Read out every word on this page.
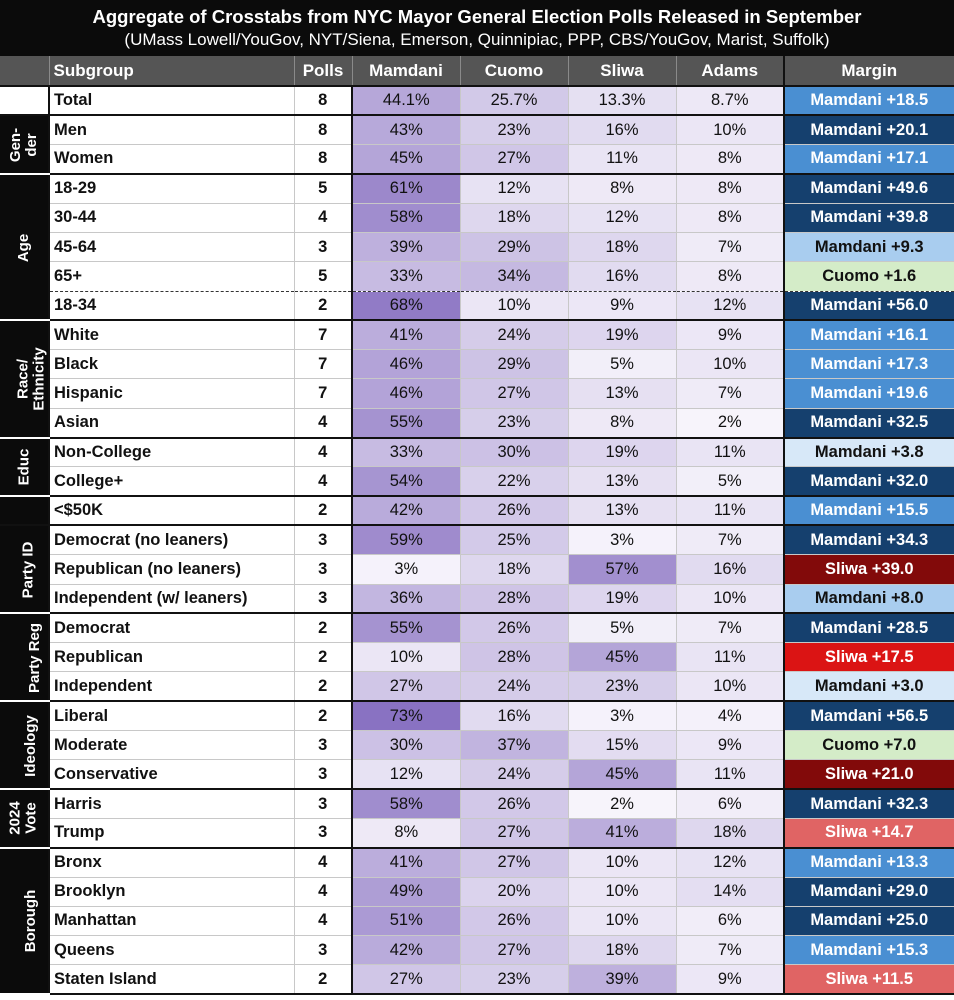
Aggregate of Crosstabs from NYC Mayor General Election Polls Released in September
(UMass Lowell/YouGov, NYT/Siena, Emerson, Quinnipiac, PPP, CBS/YouGov, Marist, Suffolk)
	Subgroup	Polls	Mamdani	Cuomo	Sliwa	Adams	Margin
	Total	8	44.1%	25.7%	13.3%	8.7%	Mamdani +18.5
Gen-
der	Men	8	43%	23%	16%	10%	Mamdani +20.1
	Women	8	45%	27%	11%	8%	Mamdani +17.1
Age	18-29	5	61%	12%	8%	8%	Mamdani +49.6
	30-44	4	58%	18%	12%	8%	Mamdani +39.8
	45-64	3	39%	29%	18%	7%	Mamdani +9.3
	65+	5	33%	34%	16%	8%	Cuomo +1.6
	18-34	2	68%	10%	9%	12%	Mamdani +56.0
Race/
Ethnicity	White	7	41%	24%	19%	9%	Mamdani +16.1
	Black	7	46%	29%	5%	10%	Mamdani +17.3
	Hispanic	7	46%	27%	13%	7%	Mamdani +19.6
	Asian	4	55%	23%	8%	2%	Mamdani +32.5
Educ	Non-College	4	33%	30%	19%	11%	Mamdani +3.8
	College+	4	54%	22%	13%	5%	Mamdani +32.0
	<$50K	2	42%	26%	13%	11%	Mamdani +15.5
Party ID	Democrat (no leaners)	3	59%	25%	3%	7%	Mamdani +34.3
	Republican (no leaners)	3	3%	18%	57%	16%	Sliwa +39.0
	Independent (w/ leaners)	3	36%	28%	19%	10%	Mamdani +8.0
Party Reg	Democrat	2	55%	26%	5%	7%	Mamdani +28.5
	Republican	2	10%	28%	45%	11%	Sliwa +17.5
	Independent	2	27%	24%	23%	10%	Mamdani +3.0
Ideology	Liberal	2	73%	16%	3%	4%	Mamdani +56.5
	Moderate	3	30%	37%	15%	9%	Cuomo +7.0
	Conservative	3	12%	24%	45%	11%	Sliwa +21.0
2024
Vote	Harris	3	58%	26%	2%	6%	Mamdani +32.3
	Trump	3	8%	27%	41%	18%	Sliwa +14.7
Borough	Bronx	4	41%	27%	10%	12%	Mamdani +13.3
	Brooklyn	4	49%	20%	10%	14%	Mamdani +29.0
	Manhattan	4	51%	26%	10%	6%	Mamdani +25.0
	Queens	3	42%	27%	18%	7%	Mamdani +15.3
	Staten Island	2	27%	23%	39%	9%	Sliwa +11.5
